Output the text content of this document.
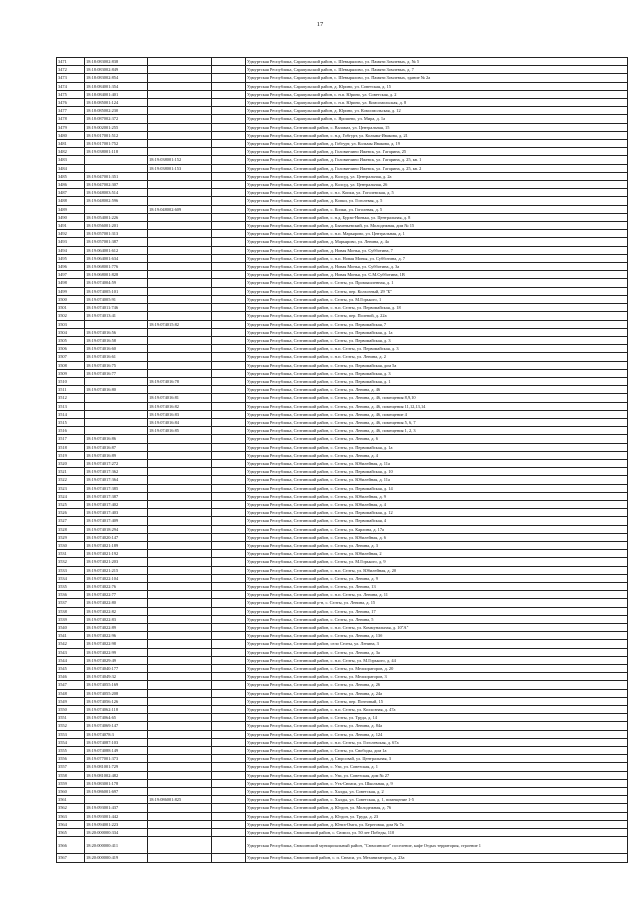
17
3471	18:18:083002:838			Удмуртская Республика, Сарапульский район, с. Шевырялово, ул. Памяти Зомлевых, д. № 5
3472	18:18:083002:849			Удмуртская Республика, Сарапульский район, с. Шевырялово, ул. Памяти Зомлевых, д. 7
3473	18:18:083002:854			Удмуртская Республика, Сарапульский район, с. Шевырялово, ул. Памяти Зомлевых, здание № 2а
3474	18:18:084001:354			Удмуртская Республика, Сарапульский район, д. Юрино, ул. Советская, д. 15
3475	18:18:084001:401			Удмуртская Республика, Сарапульский район, с. н.п. Юрино, ул. Советская, д. 2
3476	18:18:085001:124			Удмуртская Республика, Сарапульский район, с. н.п. Юрино, ул. Комсомольская, д. 8
3477	18:18:085002:230			Удмуртская Республика, Сарапульский район, д. Юрино, ул. Комсомольская, д. 12
3478	18:18:087002:372			Удмуртская Республика, Сарапульский район, с. Ярошево, ул. Мира, д. 1а
3479	18:19:002001:255			Удмуртская Республика, Селтинский район, с. Валамаз, ул. Центральная, 15
3480	18:19:017001:512			Удмуртская Республика, Селтинский район, с. н.д. Гобгурт, ул. Кольмы-Ивакова, д. 21
3481	18:19:017001:752			Удмуртская Республика, Селтинский район, д. Гобгурт, ул. Кольмы Ивакова, д. 19
3482	18:19:038001:118			Удмуртская Республика, Селтинский район, д. Головятчино Ижевск, ул. Гагарина, 25
3483		18:19:038001:152		Удмуртская Республика, Селтинский район, д. Головятчино Ижевск, ул. Гагарина, д. 25, кв. 1
3484		18:19:038001:153		Удмуртская Республика, Селтинский район, д. Головятчино Ижевск, ул. Гагарина, д. 25, кв. 2
3485	18:19:047001:351			Удмуртская Республика, Селтинский район, д. Колсуд, ул. Центральная, д. 2а
3486	18:19:047002:307			Удмуртская Республика, Селтинский район, д. Колсуд, ул. Центральная, 26
3487	18:19:048003:514			Удмуртская Республика, Селтинский район, с. н.с. Копки, ул. Гоголевская, д. 5
3488	18:19:048002:596			Удмуртская Республика, Селтинский район, д. Копки, ул. Гоголевая, д. 5
3489		18:19:048002:609		Удмуртская Республика, Селтинский район, с. Копки, ул. Гоголевая, д. 5
3490	18:19:054001:226			Удмуртская Республика, Селтинский район, с. н.д. Бурзи-Нинька, ул. Центральная, д. 8
3491	18:19:056001:201			Удмуртская Республика, Селтинский район, д. Быченьевский, ул. Молодежная, дом № 15
3492	18:19:057001:313			Удмуртская Республика, Селтинский район, с. н.п. Марьярово, ул. Центральная, д. 1
3493	18:19:057001:387			Удмуртская Республика, Селтинский район, д. Марьярово, ул. Ленина, д. 4а
3494	18:19:064001:612			Удмуртская Республика, Селтинский район, д. Новая Монья, ул. Субботина, 7
3495	18:19:064001:634			Удмуртская Республика, Селтинский район, с. н.п. Новая Монья, ул. Субботина, д. 7
3496	18:19:068001:776			Удмуртская Республика, Селтинский район, д. Новая Монья, ул. Субботина, д. 3а
3497	18:19:068001:828			Удмуртская Республика, Селтинский район, д. Новая Монья, ул. С.М.Субботина, 1В
3498	18:19:074004:59			Удмуртская Республика, Селтинский район, с. Селты, ул. Промышленная, д. 1
3499	18:19:074005:101			Удмуртская Республика, Селтинский район, с. Селты, пер. Колхозный, 29 "Б"
3500	18:19:074005:91			Удмуртская Республика, Селтинский район, с. Селты, ул. М.Горького, 1
3501	18:19:074011:746			Удмуртская Республика, Селтинский район, с. н.п. Селты, ул. Первомайская, д. 18
3502	18:19:074013:41			Удмуртская Республика, Селтинский район, с. Селты, пер. Полевой, д. 22а
3503		18:19:074015:82		Удмуртская Республика, Селтинский район, с. Селты, ул. Первомайская, 7
3504	18:19:074016:56			Удмуртская Республика, Селтинский район, с. Селты, ул. Первомайская, д. 1а
3505	18:19:074016:58			Удмуртская Республика, Селтинский район, с. Селты, ул. Первомайская, д. 3
3506	18:19:074016:60			Удмуртская Республика, Селтинский район, с. н.п. Селты, ул. Первомайская, д. 3
3507	18:19:074016:61			Удмуртская Республика, Селтинский район, с. н.п. Селты, ул. Ленина, д. 2
3508	18:19:074016:75			Удмуртская Республика, Селтинский район, с. Селты, ул. Первомайская, дом 5а
3509	18:19:074016:77			Удмуртская Республика, Селтинский район, с. Селты, ул. Первомайская, д. 3
3510		18:19:074016:78		Удмуртская Республика, Селтинский район, с. Селты, ул. Первомайская, д. 1
3511	18:19:074016:80			Удмуртская Республика, Селтинский район, с. Селты, ул. Ленина, д. 46
3512		18:19:074016:81		Удмуртская Республика, Селтинский район, с. Селты, ул. Ленина, д. 46, помещения 8,9,10
3513		18:19:074016:82		Удмуртская Республика, Селтинский район, с. Селты, ул. Ленина, д. 46, помещения 11,12,13,14
3514		18:19:074016:83		Удмуртская Республика, Селтинский район, с. Селты, ул. Ленина, д. 46, помещение 4
3515		18:19:074016:84		Удмуртская Республика, Селтинский район, с. Селты, ул. Ленина, д. 46, помещения 5, 6, 7
3516		18:19:074016:85		Удмуртская Республика, Селтинский район, с. Селты, ул. Ленина, д. 46, помещения 1, 2, 3
3517	18:19:074016:86			Удмуртская Республика, Селтинский район, с. Селты, ул. Ленина, д. 6
3518	18:19:074016:87			Удмуртская Республика, Селтинский район, с. Селты, ул. Первомайская, д. 1а
3519	18:19:074016:89			Удмуртская Республика, Селтинский район, с. Селты, ул. Ленина, д. 4
3520	18:19:074017:272			Удмуртская Республика, Селтинский район, с. Селты, ул. Юбилейная, д. 11а
3521	18:19:074017:362			Удмуртская Республика, Селтинский район, с. Селты, ул. Первомайская, д. 10
3522	18:19:074017:364			Удмуртская Республика, Селтинский район, с. Селты, ул. Юбилейная, д. 11а
3523	18:19:074017:385			Удмуртская Республика, Селтинский район, с. Селты, ул. Первомайская, д. 14
3524	18:19:074017:387			Удмуртская Республика, Селтинский район, с. Селты, ул. Юбилейная, д. 9
3525	18:19:074017:402			Удмуртская Республика, Селтинский район, с. Селты, ул. Юбилейная, д. 4
3526	18:19:074017:403			Удмуртская Республика, Селтинский район, с. Селты, ул. Первомайская, д. 12
3527	18:19:074017:409			Удмуртская Республика, Селтинский район, с. Селты, ул. Первомайская, 4
3528	18:19:074018:294			Удмуртская Республика, Селтинский район, с. Селты, ул. Карлина, д. 17а
3529	18:19:074020:147			Удмуртская Республика, Селтинский район, с. Селты, ул. Юбилейная, д. 6
3530	18:19:074021:189			Удмуртская Республика, Селтинский район, с. Селты, ул. Ленина, д. 3
3531	18:19:074021:192			Удмуртская Республика, Селтинский район, с. Селты, ул. Юбилейная, 2
3532	18:19:074021:203			Удмуртская Республика, Селтинский район, с. Селты, ул. М.Горького, д. 9
3533	18:19:074021:215			Удмуртская Республика, Селтинский район, с. н.п. Селты, ул. Юбилейная, д. 20
3534	18:19:074022:104			Удмуртская Республика, Селтинский район, с. Селты, ул. Ленина, д. 9
3535	18:19:074022:76			Удмуртская Республика, Селтинский район, с. Селты, ул. Ленина, 13
3536	18:19:074022:77			Удмуртская Республика, Селтинский район, с. н.п. Селты, ул. Ленина, д. 11
3537	18:19:074022:80			Удмуртская Республика, Селтинский р-н, с. Селты, ул. Ленина, д. 15
3538	18:19:074022:82			Удмуртская Республика, Селтинский район, с. Селты, ул. Ленина, 17
3539	18:19:074022:83			Удмуртская Республика, Селтинский район, с. Селты, ул. Ленина, 5
3540	18:19:074022:89			Удмуртская Республика, Селтинский район, с. н.п. Селты, ул. Коммунальная, д. 10"А"
3541	18:19:074022:96			Удмуртская Республика, Селтинский район, с. Селты, ул. Ленина, д. 13б
3542	18:19:074022:98			Удмуртская Республика, Селтинский район, село Селты, ул. Ленина, 3
3543	18:19:074022:99			Удмуртская Республика, Селтинский район, с. Селты, ул. Ленина, д. 3а
3544	18:19:074029:49			Удмуртская Республика, Селтинский район, с. н.п. Селты, ул. М.Горького, д. 44
3545	18:19:074040:177			Удмуртская Республика, Селтинский район, с. Селты, ул. Мелиораторов, д. 20
3546	18:19:074049:32			Удмуртская Республика, Селтинский район, с. Селты, ул. Мелиораторов, 3
3547	18:19:074055:169			Удмуртская Республика, Селтинский район, с. Селты, ул. Ленина, д. 26
3548	18:19:074055:208			Удмуртская Республика, Селтинский район, с. Селты, ул. Ленина, д. 24а
3549	18:19:074056:126			Удмуртская Республика, Селтинский район, с. Селты, пер. Почтовый, 15
3550	18:19:074062:118			Удмуртская Республика, Селтинский район, с. н.п. Селты, ул. Колхозная, д. 47а
3551	18:19:074064:65			Удмуртская Республика, Селтинский район, с. Селты, ул. Труда, д. 14
3552	18:19:074069:147			Удмуртская Республика, Селтинский район, с. Селты, ул. Ленина, д. 84а
3553	18:19:074078:3			Удмуртская Республика, Селтинский район, с. Селты, ул. Ленина, д. 124
3554	18:19:074087:103			Удмуртская Республика, Селтинский район, с. н.п. Селты, ул. Гоголевская, д. 67а
3555	18:19:074088:149			Удмуртская Республика, Селтинский район, с. Селты, ул. Свободы, дом 1а
3556	18:19:077001:373			Удмуртская Республика, Селтинский район, д. Сюрсовай, ул. Центральная, 3
3557	18:19:081001:729			Удмуртская Республика, Селтинский район, с. Узи, ул. Советская, д. 1
3558	18:19:081002:482			Удмуртская Республика, Селтинский район, с. Узи, ул. Советская, дом № 27
3559	18:19:083001:178			Удмуртская Республика, Селтинский район, с. Уть-Сюмси, ул. Школьная, д. 9
3560	18:19:086001:697			Удмуртская Республика, Селтинский район, с. Халды, ул. Советская, д. 2
3561		18:19:086001:825		Удмуртская Республика, Селтинский район, с. Халды, ул. Советская, д. 1, помещение 1-5
3562	18:19:093001:437			Удмуртская Республика, Селтинский район, д. Югдон, ул. Молодежная, д. 76
3563	18:19:093001:442			Удмуртская Республика, Селтинский район, д. Югдон, ул. Труда, д. 23
3564	18:19:094001:223			Удмуртская Республика, Селтинский район, д. Юнга-Омга, ул. Береговая, дом № 7а
3565	18:20:000000:334			Удмуртская Республика, Сюмсинский район, с. Сюмси, ул. 50 лет Победы, 110
3566	18:20:000000:411			Удмуртская Республика, Сюмсинский муниципальный район, "Сюмсинское" поселение, кафе Отдых территория, строение 1
3567	18:20:000000:419			Удмуртская Республика, Сюмсинский район, с. п. Сюмси, ул. Механизаторов, д. 23а
